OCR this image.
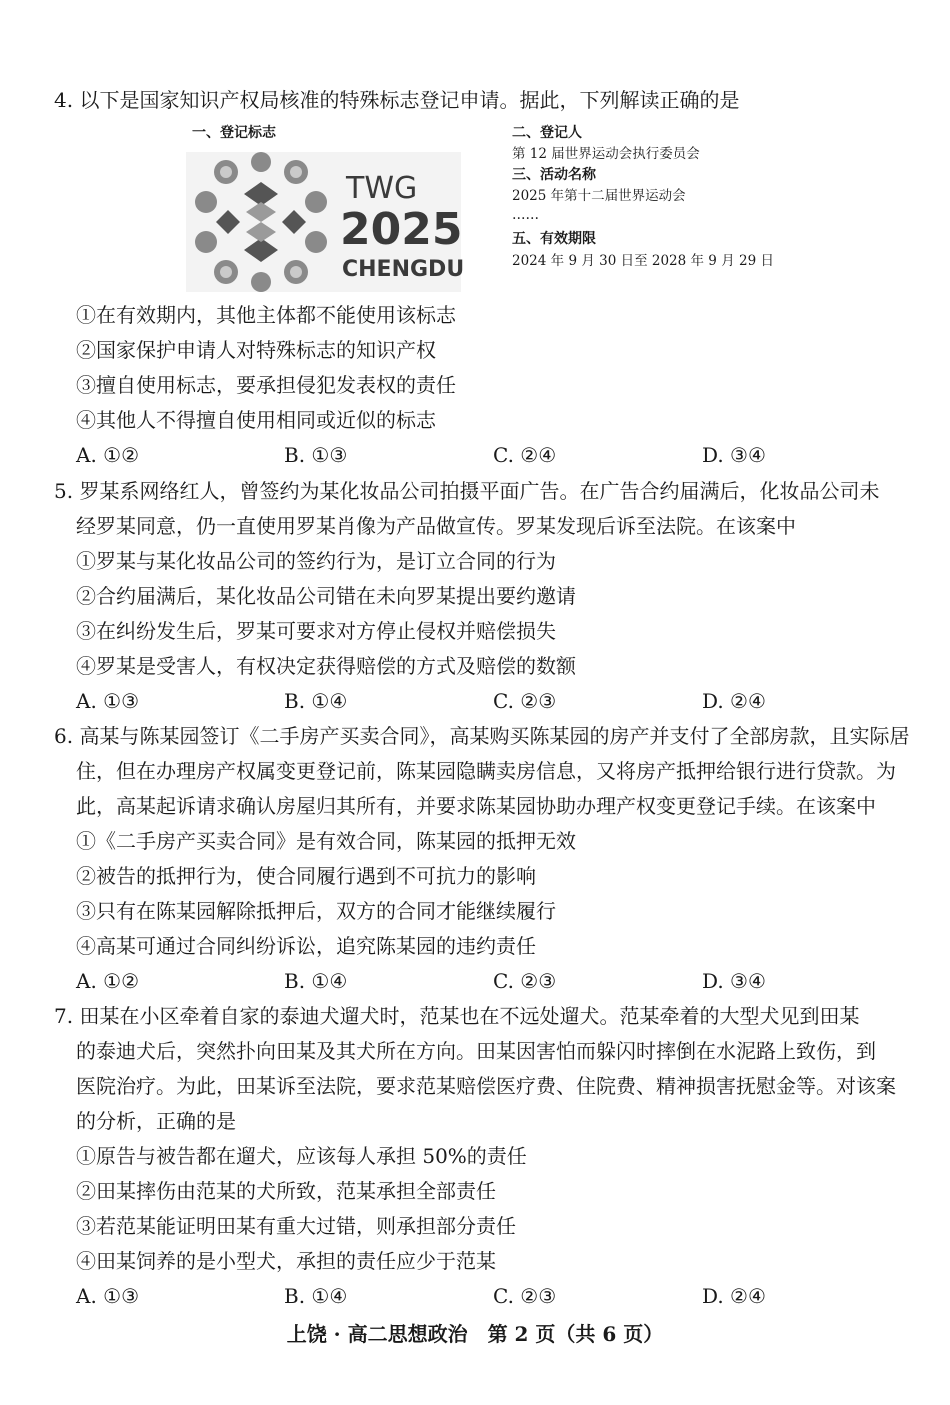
4. 以下是国家知识产权局核准的特殊标志登记申请。据此，下列解读正确的是
一、登记标志
TWG
2025
CHENGDU
二、登记人
第 12 届世界运动会执行委员会
三、活动名称
2025 年第十二届世界运动会
……
五、有效期限
2024 年 9 月 30 日至 2028 年 9 月 29 日
①在有效期内，其他主体都不能使用该标志
②国家保护申请人对特殊标志的知识产权
③擅自使用标志，要承担侵犯发表权的责任
④其他人不得擅自使用相同或近似的标志
A. ①②	B. ①③	C. ②④	D. ③④
5. 罗某系网络红人，曾签约为某化妆品公司拍摄平面广告。在广告合约届满后，化妆品公司未
经罗某同意，仍一直使用罗某肖像为产品做宣传。罗某发现后诉至法院。在该案中
①罗某与某化妆品公司的签约行为，是订立合同的行为
②合约届满后，某化妆品公司错在未向罗某提出要约邀请
③在纠纷发生后，罗某可要求对方停止侵权并赔偿损失
④罗某是受害人，有权决定获得赔偿的方式及赔偿的数额
A. ①③	B. ①④	C. ②③	D. ②④
6. 高某与陈某园签订《二手房产买卖合同》，高某购买陈某园的房产并支付了全部房款，且实际居
住，但在办理房产权属变更登记前，陈某园隐瞒卖房信息，又将房产抵押给银行进行贷款。为
此，高某起诉请求确认房屋归其所有，并要求陈某园协助办理产权变更登记手续。在该案中
①《二手房产买卖合同》是有效合同，陈某园的抵押无效
②被告的抵押行为，使合同履行遇到不可抗力的影响
③只有在陈某园解除抵押后，双方的合同才能继续履行
④高某可通过合同纠纷诉讼，追究陈某园的违约责任
A. ①②	B. ①④	C. ②③	D. ③④
7. 田某在小区牵着自家的泰迪犬遛犬时，范某也在不远处遛犬。范某牵着的大型犬见到田某
的泰迪犬后，突然扑向田某及其犬所在方向。田某因害怕而躲闪时摔倒在水泥路上致伤，到
医院治疗。为此，田某诉至法院，要求范某赔偿医疗费、住院费、精神损害抚慰金等。对该案
的分析，正确的是
①原告与被告都在遛犬，应该每人承担 50%的责任
②田某摔伤由范某的犬所致，范某承担全部责任
③若范某能证明田某有重大过错，则承担部分责任
④田某饲养的是小型犬，承担的责任应少于范某
A. ①③	B. ①④	C. ②③	D. ②④
上饶 · 高二思想政治　第 2 页（共 6 页）
